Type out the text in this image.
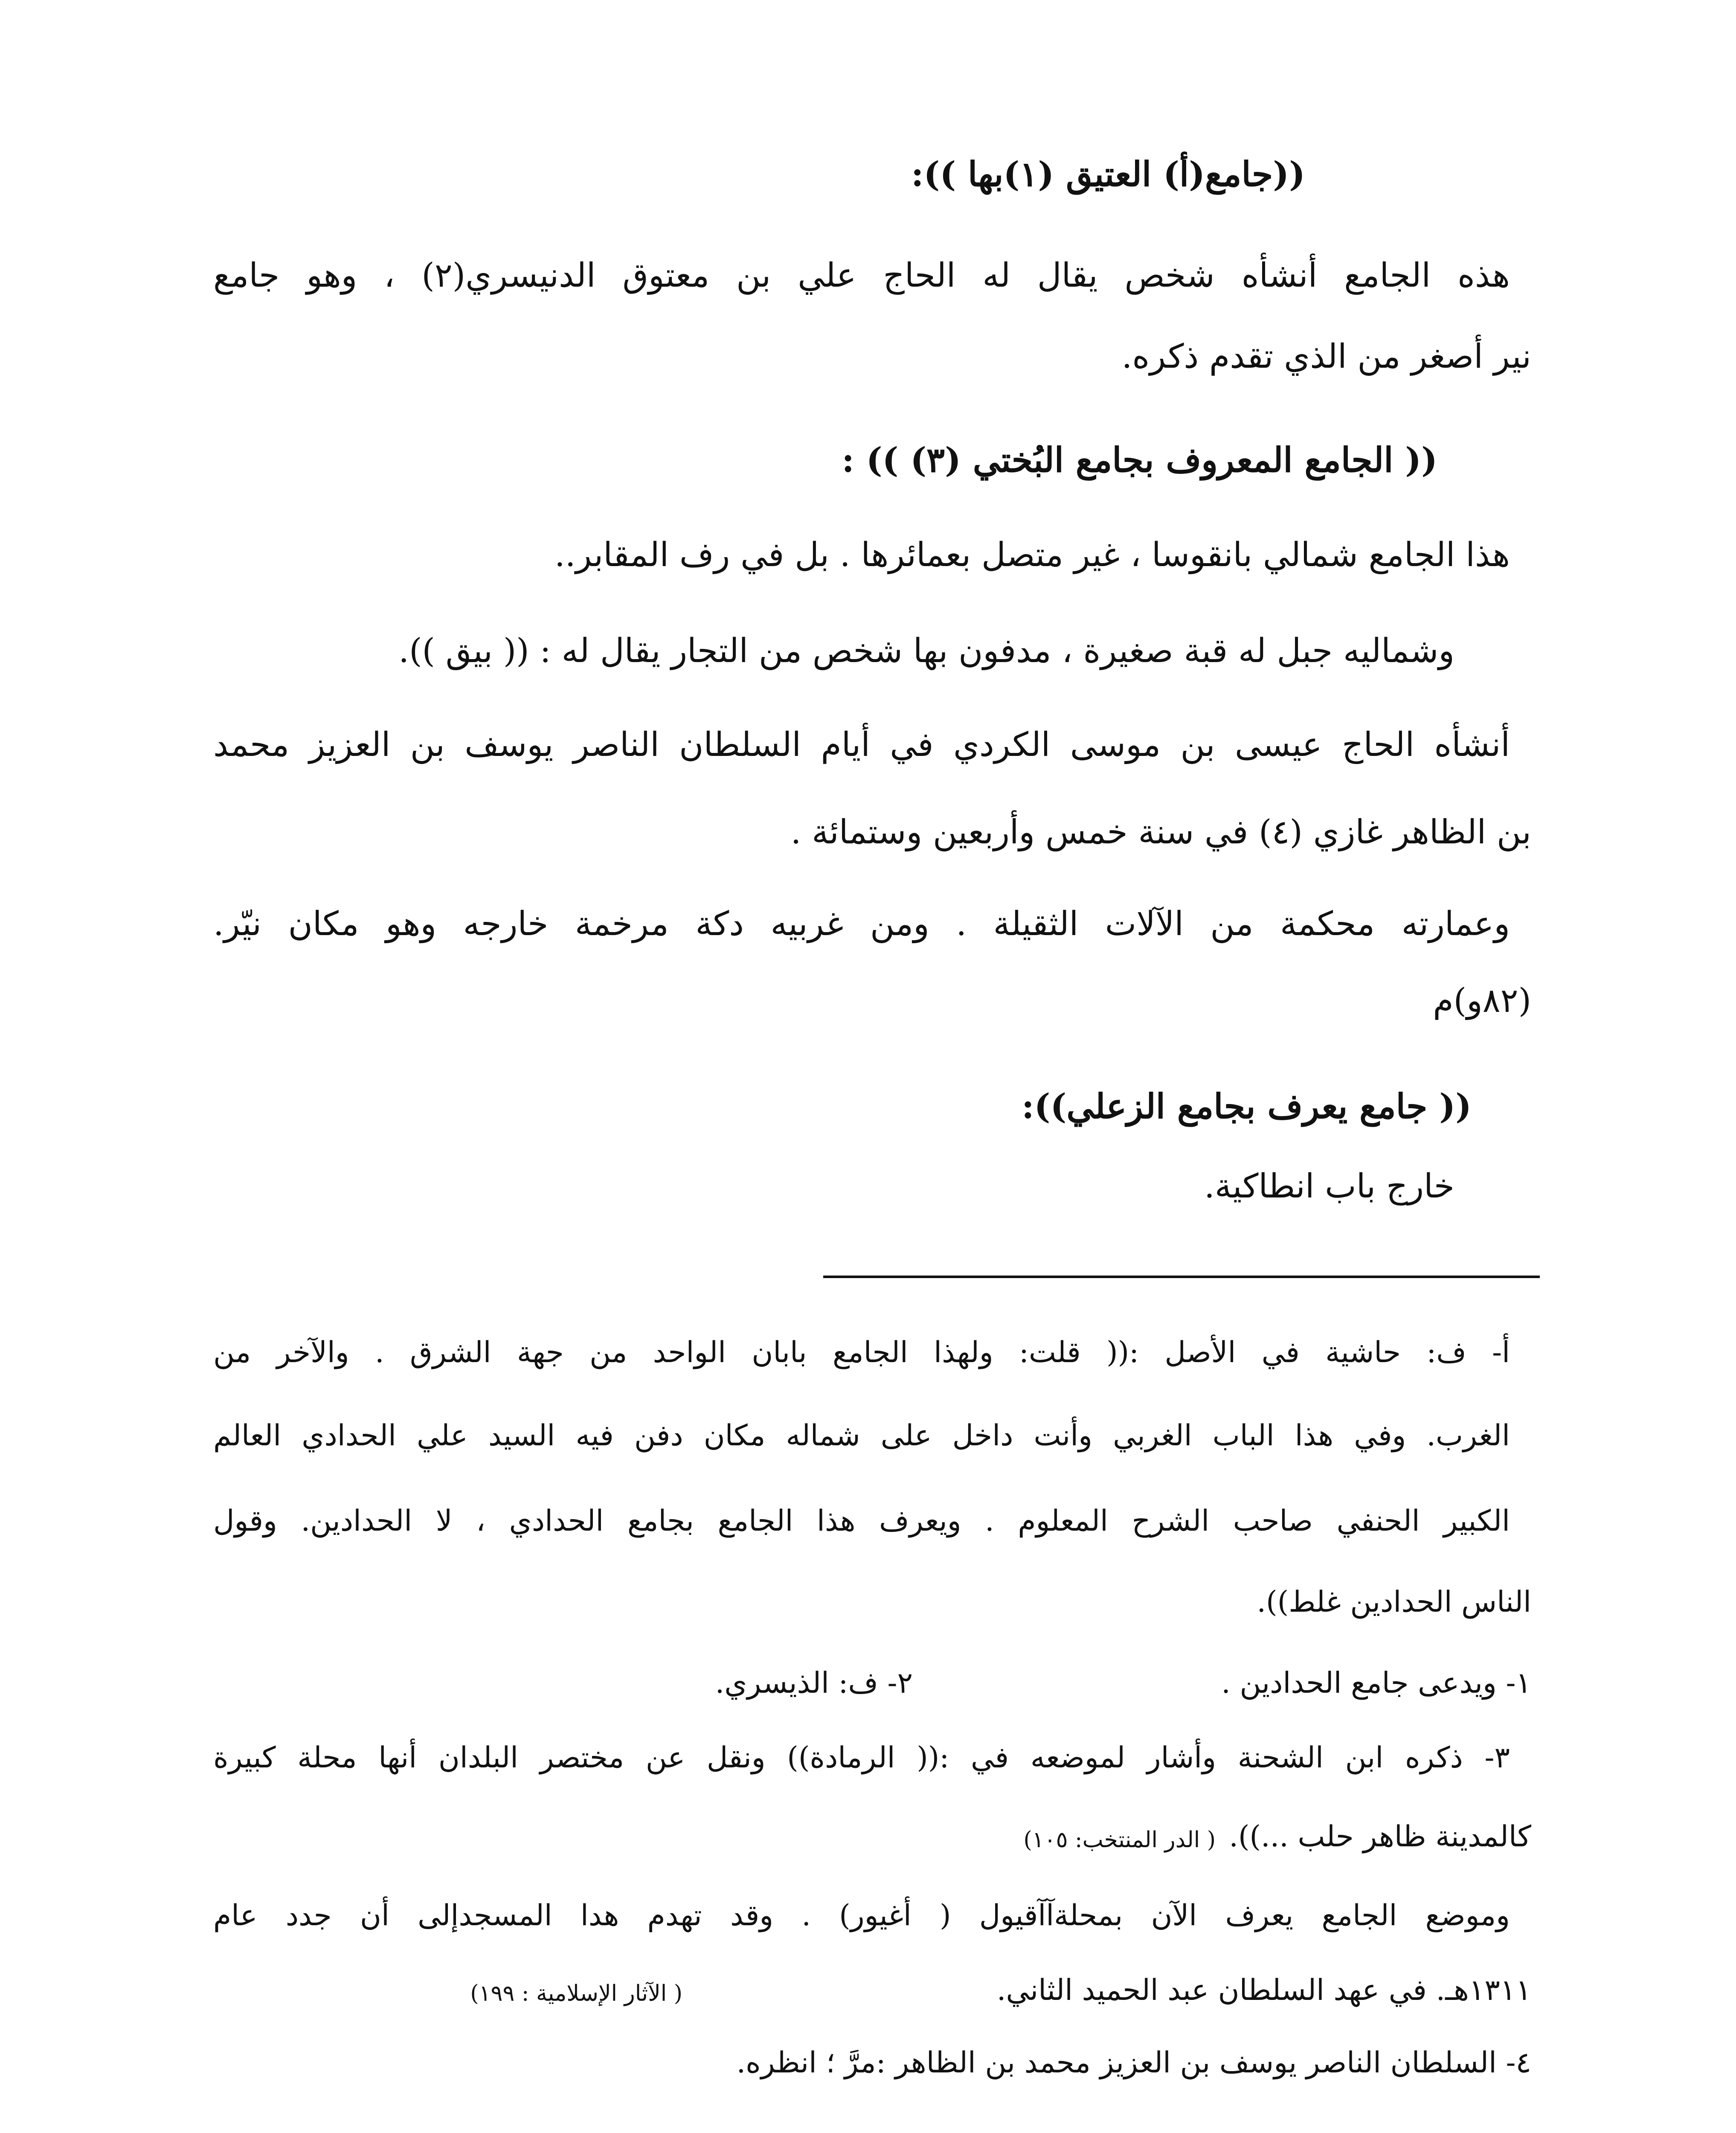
((جامع(أ) العتيق (١)بها )):
هذه الجامع أنشأه شخص يقال له الحاج علي بن معتوق الدنيسري(٢) ، وهو جامع
نير أصغر من الذي تقدم ذكره.
(( الجامع المعروف بجامع البُختي (٣) )) :
هذا الجامع شمالي بانقوسا ، غير متصل بعمائرها . بل في رف المقابر..
وشماليه جبل له قبة صغيرة ، مدفون بها شخص من التجار يقال له : (( بيق )).
أنشأه الحاج عيسى بن موسى الكردي في أيام السلطان الناصر يوسف بن العزيز محمد
بن الظاهر غازي (٤) في سنة خمس وأربعين وستمائة .
وعمارته محكمة من الآلات الثقيلة . ومن غربيه دكة مرخمة خارجه وهو مكان نيّر.
(٨٢و)م
(( جامع يعرف بجامع الزعلي)):
خارج باب انطاكية.
أ- ف: حاشية في الأصل :(( قلت: ولهذا الجامع بابان الواحد من جهة الشرق . والآخر من
الغرب. وفي هذا الباب الغربي وأنت داخل على شماله مكان دفن فيه السيد علي الحدادي العالم
الكبير الحنفي صاحب الشرح المعلوم . ويعرف هذا الجامع بجامع الحدادي ، لا الحدادين. وقول
الناس الحدادين غلط)).
١- ويدعى جامع الحدادين .
٢- ف: الذيسري.
٣- ذكره ابن الشحنة وأشار لموضعه في :(( الرمادة)) ونقل عن مختصر البلدان أنها محلة كبيرة
كالمدينة ظاهر حلب ...)).
( الدر المنتخب: ١٠٥)
وموضع الجامع يعرف الآن بمحلةآآقيول ( أغيور) . وقد تهدم هدا المسجدإلى أن جدد عام
١٣١١هـ. في عهد السلطان عبد الحميد الثاني.
( الآثار الإسلامية : ١٩٩)
٤- السلطان الناصر يوسف بن العزيز محمد بن الظاهر :مرَّ ؛ انظره.
